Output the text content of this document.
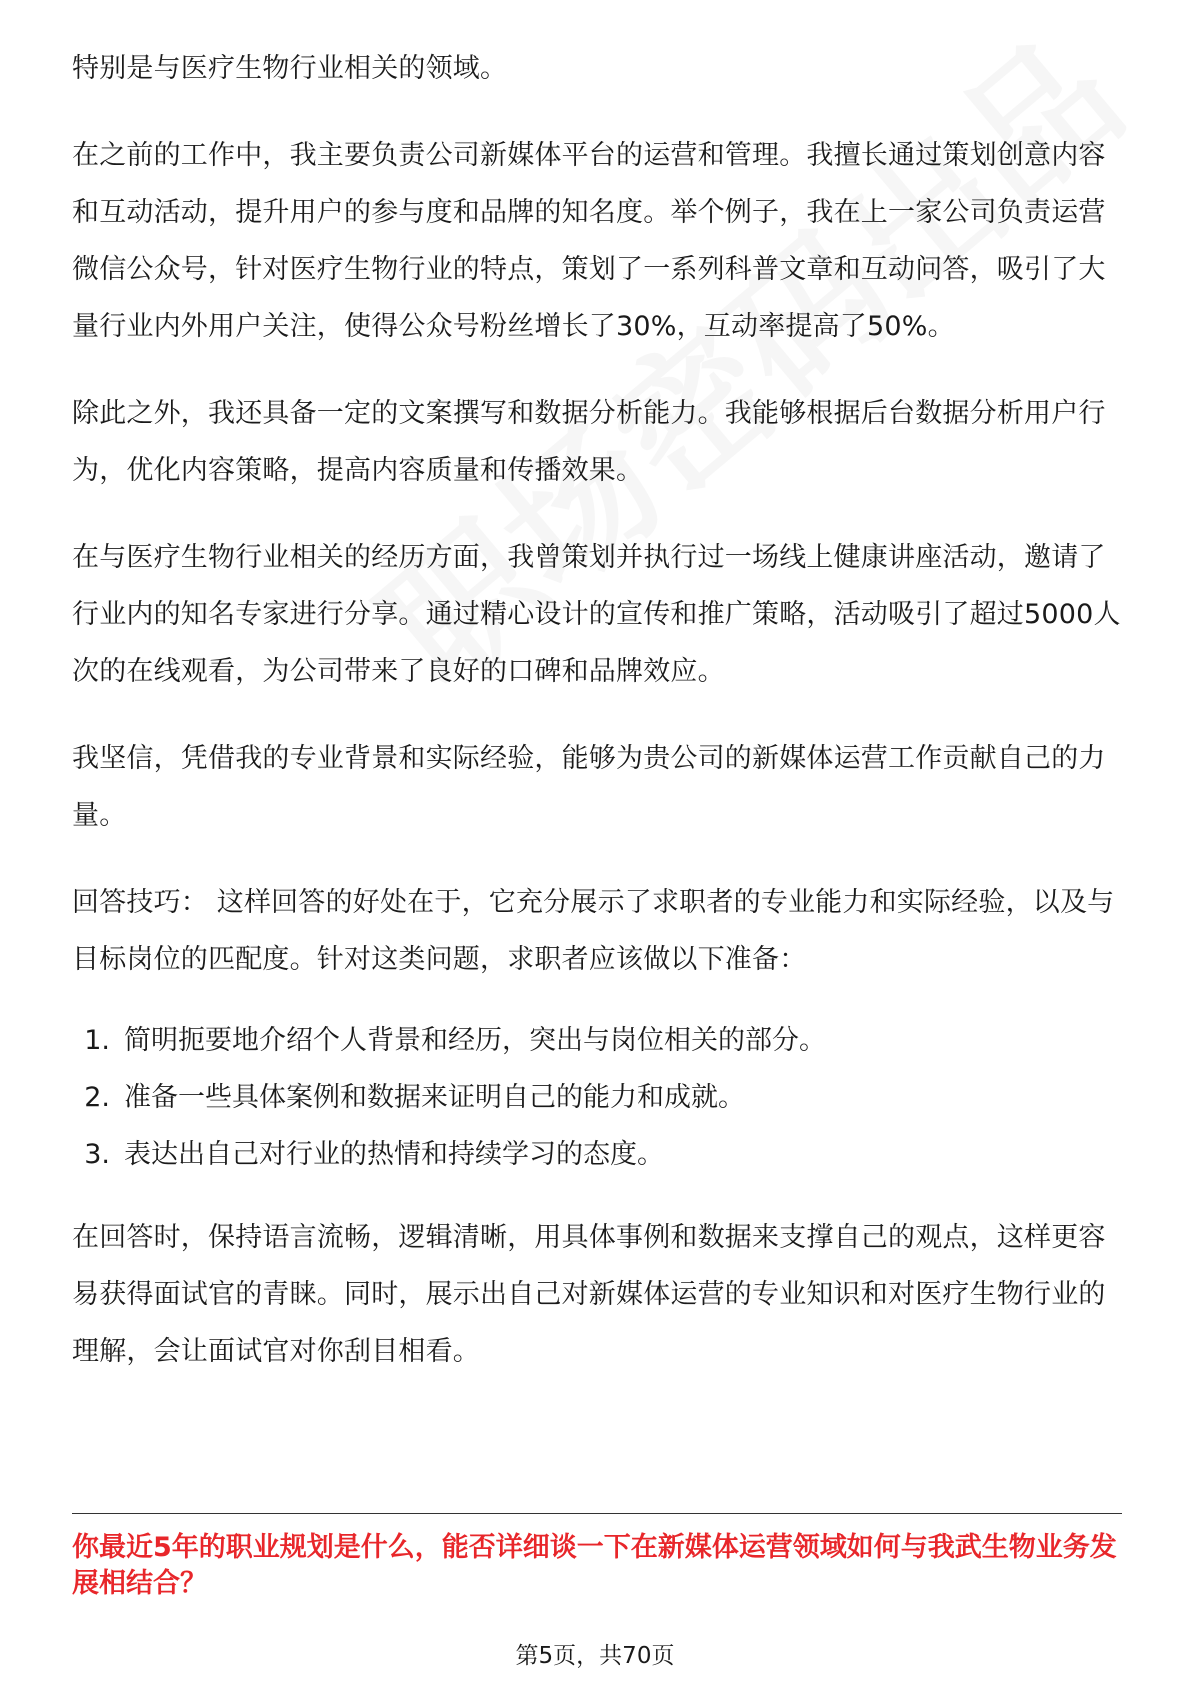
特别是与医疗生物行业相关的领域。

在之前的工作中，我主要负责公司新媒体平台的运营和管理。我擅长通过策划创意内容和互动活动，提升用户的参与度和品牌的知名度。举个例子，我在上一家公司负责运营微信公众号，针对医疗生物行业的特点，策划了一系列科普文章和互动问答，吸引了大量行业内外用户关注，使得公众号粉丝增长了30%，互动率提高了50%。

除此之外，我还具备一定的文案撰写和数据分析能力。我能够根据后台数据分析用户行为，优化内容策略，提高内容质量和传播效果。

在与医疗生物行业相关的经历方面，我曾策划并执行过一场线上健康讲座活动，邀请了行业内的知名专家进行分享。通过精心设计的宣传和推广策略，活动吸引了超过5000人次的在线观看，为公司带来了良好的口碑和品牌效应。

我坚信，凭借我的专业背景和实际经验，能够为贵公司的新媒体运营工作贡献自己的力量。

回答技巧： 这样回答的好处在于，它充分展示了求职者的专业能力和实际经验，以及与目标岗位的匹配度。针对这类问题，求职者应该做以下准备：

1. 简明扼要地介绍个人背景和经历，突出与岗位相关的部分。
2. 准备一些具体案例和数据来证明自己的能力和成就。
3. 表达出自己对行业的热情和持续学习的态度。

在回答时，保持语言流畅，逻辑清晰，用具体事例和数据来支撑自己的观点，这样更容易获得面试官的青睐。同时，展示出自己对新媒体运营的专业知识和对医疗生物行业的理解，会让面试官对你刮目相看。

你最近5年的职业规划是什么，能否详细谈一下在新媒体运营领域如何与我武生物业务发展相结合？
第5页，共70页
